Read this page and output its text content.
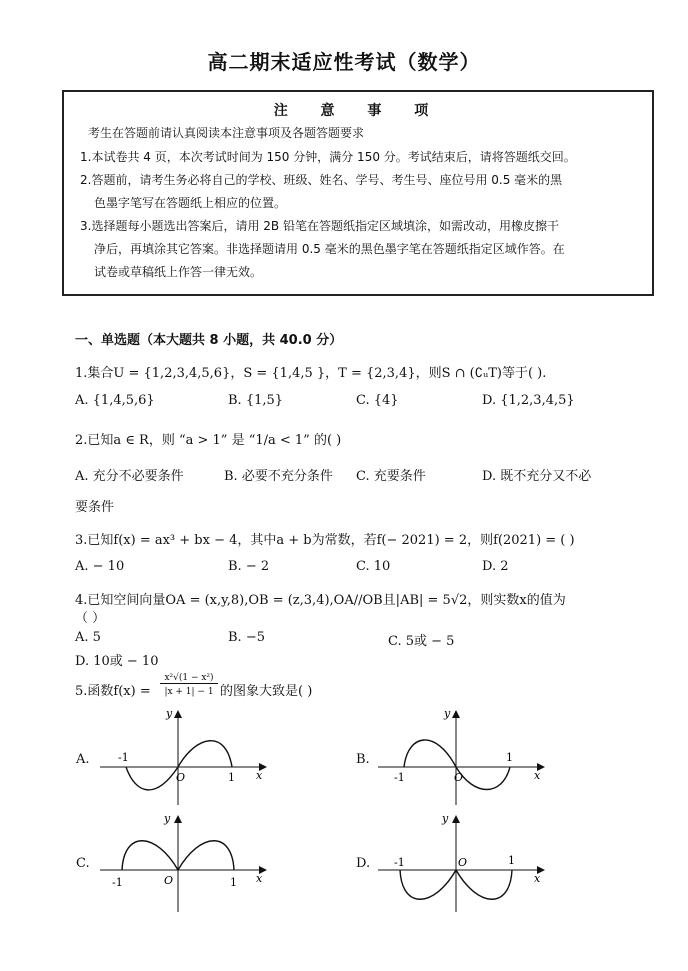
高二期末适应性考试（数学）
注 意 事 项
考生在答题前请认真阅读本注意事项及各题答题要求
1.本试卷共 4 页，本次考试时间为 150 分钟，满分 150 分。考试结束后，请将答题纸交回。
2.答题前，请考生务必将自己的学校、班级、姓名、学号、考生号、座位号用 0.5 毫米的黑
色墨字笔写在答题纸上相应的位置。
3.选择题每小题选出答案后，请用 2B 铅笔在答题纸指定区域填涂，如需改动，用橡皮擦干
净后，再填涂其它答案。非选择题请用 0.5 毫米的黑色墨字笔在答题纸指定区域作答。在
试卷或草稿纸上作答一律无效。
一、单选题（本大题共 8 小题，共 40.0 分）
1.集合U = {1,2,3,4,5,6}，S = {1,4,5 }，T = {2,3,4}，则S ∩ (∁ᵤT)等于( ).
A. {1,4,5,6}	B. {1,5}	C. {4}	D. {1,2,3,4,5}
2.已知a ∈ R，则 “a > 1” 是 “1/a < 1” 的( )
A. 充分不必要条件	B. 必要不充分条件 C. 充要条件	D. 既不充分又不必
要条件
3.已知f(x) = ax³ + bx − 4，其中a + b为常数，若f(− 2021) = 2，则f(2021) = ( )
A. − 10	B. − 2	C. 10	D. 2
4.已知空间向量OA = (x,y,8),OB = (z,3,4),OA//OB且|AB| = 5√2，则实数x的值为
（ ）
A. 5	B. −5	C. 5或 − 5
D. 10或 − 10
5.函数f(x) =
x²√(1 − x²)
|x + 1| − 1 的图象大致是( )
A.
y
x
O
-1
1
B.
y
x
O
-1
1
C.
y
x
O
-1	1
D.
y
x
O
-1	1
